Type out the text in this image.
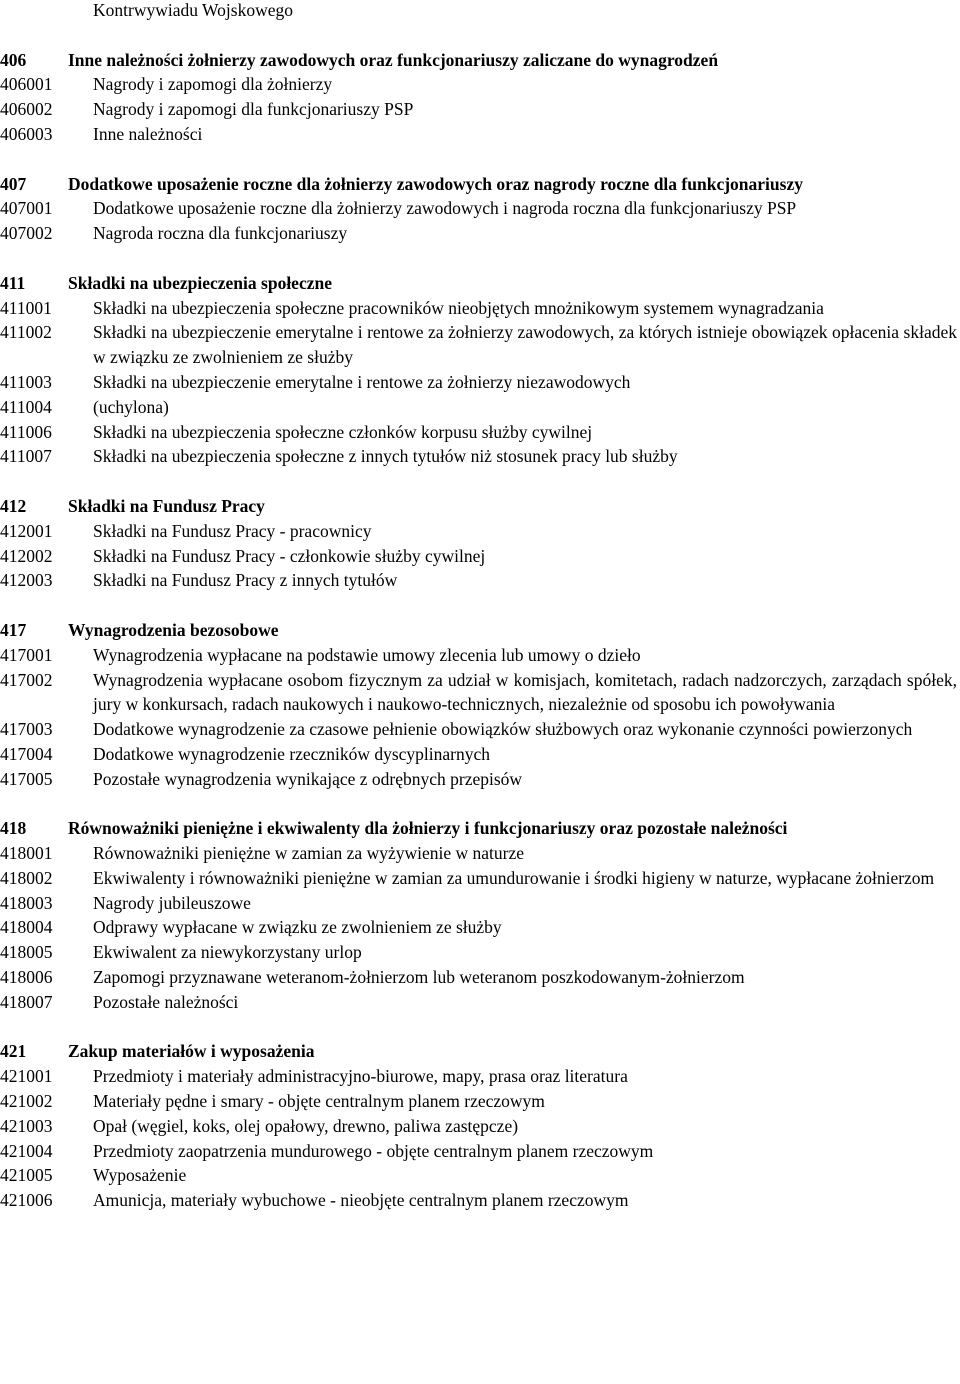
Kontrwywiadu Wojskowego
406	Inne należności żołnierzy zawodowych oraz funkcjonariuszy zaliczane do wynagrodzeń
406001	Nagrody i zapomogi dla żołnierzy
406002	Nagrody i zapomogi dla funkcjonariuszy PSP
406003	Inne należności
407	Dodatkowe uposażenie roczne dla żołnierzy zawodowych oraz nagrody roczne dla funkcjonariuszy
407001	Dodatkowe uposażenie roczne dla żołnierzy zawodowych i nagroda roczna dla funkcjonariuszy PSP
407002	Nagroda roczna dla funkcjonariuszy
411	Składki na ubezpieczenia społeczne
411001	Składki na ubezpieczenia społeczne pracowników nieobjętych mnożnikowym systemem wynagradzania
411002	Składki na ubezpieczenie emerytalne i rentowe za żołnierzy zawodowych, za których istnieje obowiązek opłacenia składek w związku ze zwolnieniem ze służby
411003	Składki na ubezpieczenie emerytalne i rentowe za żołnierzy niezawodowych
411004	(uchylona)
411006	Składki na ubezpieczenia społeczne członków korpusu służby cywilnej
411007	Składki na ubezpieczenia społeczne z innych tytułów niż stosunek pracy lub służby
412	Składki na Fundusz Pracy
412001	Składki na Fundusz Pracy - pracownicy
412002	Składki na Fundusz Pracy - członkowie służby cywilnej
412003	Składki na Fundusz Pracy z innych tytułów
417	Wynagrodzenia bezosobowe
417001	Wynagrodzenia wypłacane na podstawie umowy zlecenia lub umowy o dzieło
417002	Wynagrodzenia wypłacane osobom fizycznym za udział w komisjach, komitetach, radach nadzorczych, zarządach spółek, jury w konkursach, radach naukowych i naukowo-technicznych, niezależnie od sposobu ich powoływania
417003	Dodatkowe wynagrodzenie za czasowe pełnienie obowiązków służbowych oraz wykonanie czynności powierzonych
417004	Dodatkowe wynagrodzenie rzeczników dyscyplinarnych
417005	Pozostałe wynagrodzenia wynikające z odrębnych przepisów
418	Równoważniki pieniężne i ekwiwalenty dla żołnierzy i funkcjonariuszy oraz pozostałe należności
418001	Równoważniki pieniężne w zamian za wyżywienie w naturze
418002	Ekwiwalenty i równoważniki pieniężne w zamian za umundurowanie i środki higieny w naturze, wypłacane żołnierzom
418003	Nagrody jubileuszowe
418004	Odprawy wypłacane w związku ze zwolnieniem ze służby
418005	Ekwiwalent za niewykorzystany urlop
418006	Zapomogi przyznawane weteranom-żołnierzom lub weteranom poszkodowanym-żołnierzom
418007	Pozostałe należności
421	Zakup materiałów i wyposażenia
421001	Przedmioty i materiały administracyjno-biurowe, mapy, prasa oraz literatura
421002	Materiały pędne i smary - objęte centralnym planem rzeczowym
421003	Opał (węgiel, koks, olej opałowy, drewno, paliwa zastępcze)
421004	Przedmioty zaopatrzenia mundurowego - objęte centralnym planem rzeczowym
421005	Wyposażenie
421006	Amunicja, materiały wybuchowe - nieobjęte centralnym planem rzeczowym
